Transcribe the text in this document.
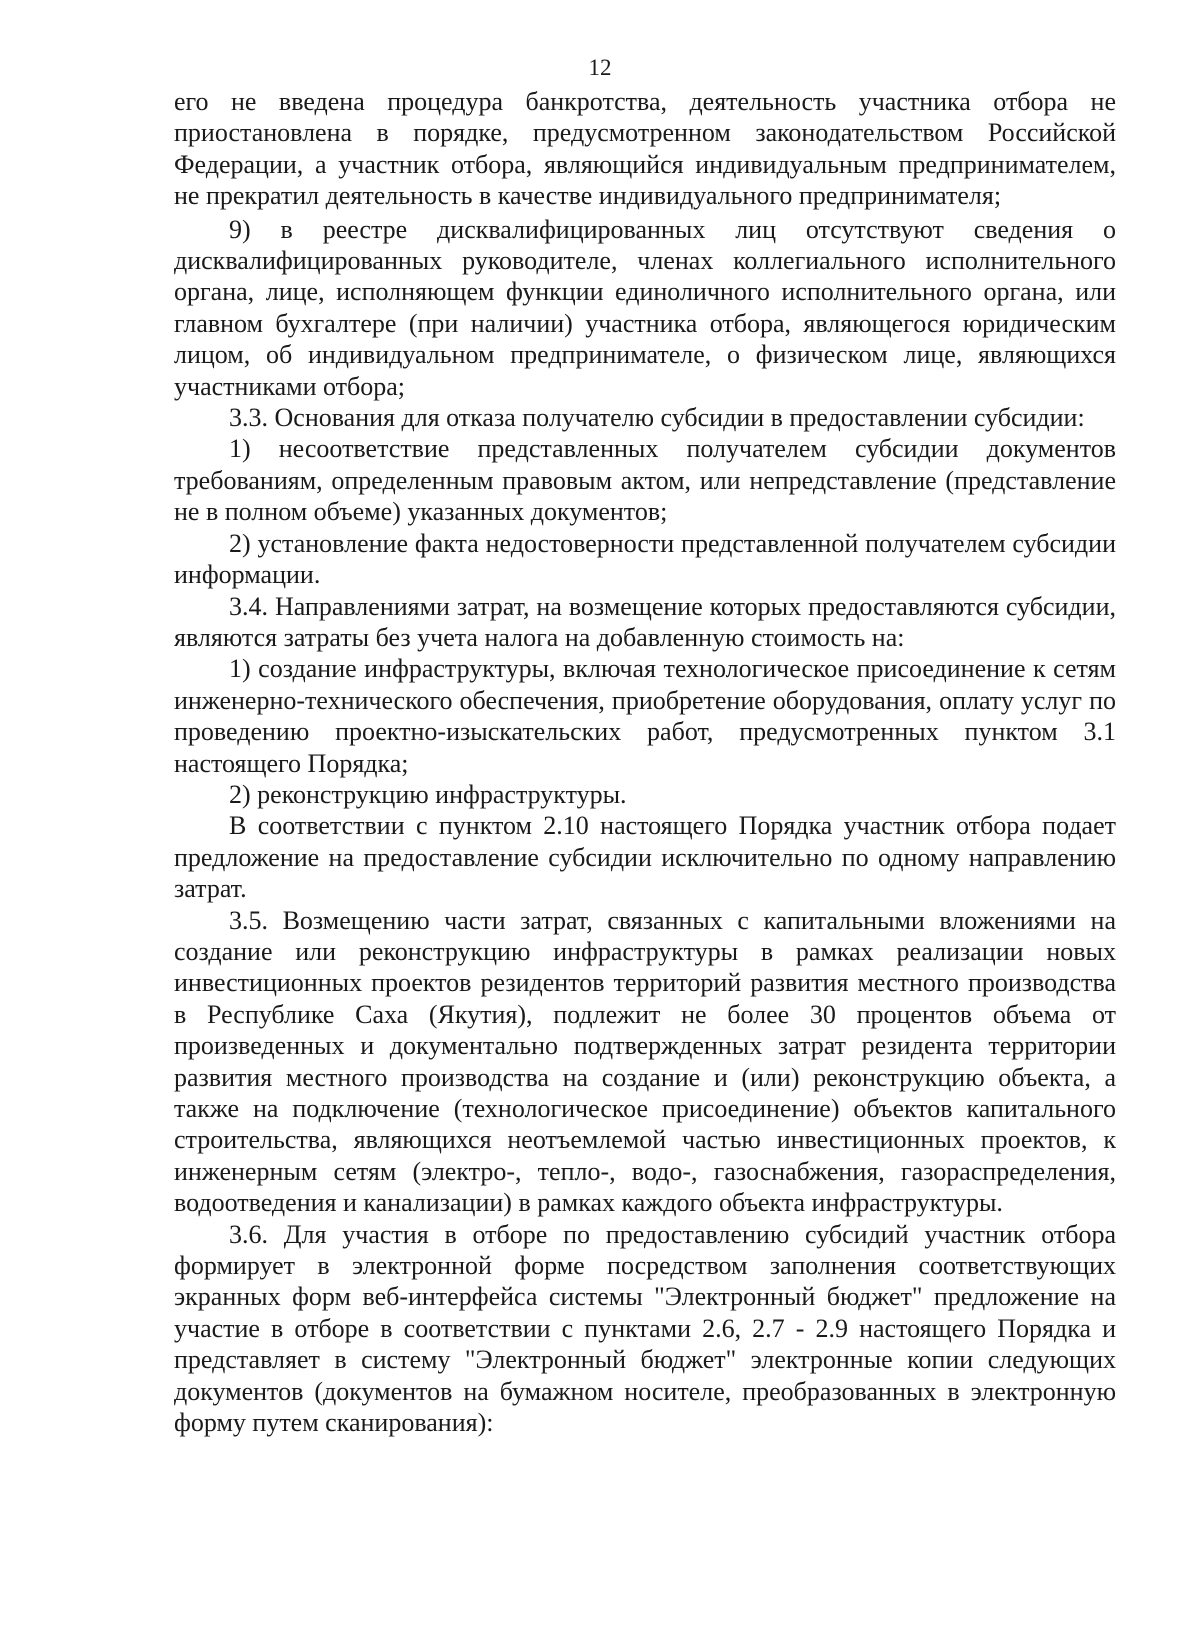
12

его не введена процедура банкротства, деятельность участника отбора не приостановлена в порядке, предусмотренном законодательством Российской Федерации, а участник отбора, являющийся индивидуальным предпринимателем, не прекратил деятельность в качестве индивидуального предпринимателя;

9) в реестре дисквалифицированных лиц отсутствуют сведения о дисквалифицированных руководителе, членах коллегиального исполнительного органа, лице, исполняющем функции единоличного исполнительного органа, или главном бухгалтере (при наличии) участника отбора, являющегося юридическим лицом, об индивидуальном предпринимателе, о физическом лице, являющихся участниками отбора;

3.3. Основания для отказа получателю субсидии в предоставлении субсидии:

1) несоответствие представленных получателем субсидии документов требованиям, определенным правовым актом, или непредставление (представление не в полном объеме) указанных документов;

2) установление факта недостоверности представленной получателем субсидии информации.

3.4. Направлениями затрат, на возмещение которых предоставляются субсидии, являются затраты без учета налога на добавленную стоимость на:

1) создание инфраструктуры, включая технологическое присоединение к сетям инженерно-технического обеспечения, приобретение оборудования, оплату услуг по проведению проектно-изыскательских работ, предусмотренных пунктом 3.1 настоящего Порядка;

2) реконструкцию инфраструктуры.

В соответствии с пунктом 2.10 настоящего Порядка участник отбора подает предложение на предоставление субсидии исключительно по одному направлению затрат.

3.5. Возмещению части затрат, связанных с капитальными вложениями на создание или реконструкцию инфраструктуры в рамках реализации новых инвестиционных проектов резидентов территорий развития местного производства в Республике Саха (Якутия), подлежит не более 30 процентов объема от произведенных и документально подтвержденных затрат резидента территории развития местного производства на создание и (или) реконструкцию объекта, а также на подключение (технологическое присоединение) объектов капитального строительства, являющихся неотъемлемой частью инвестиционных проектов, к инженерным сетям (электро-, тепло-, водо-, газоснабжения, газораспределения, водоотведения и канализации) в рамках каждого объекта инфраструктуры.

3.6. Для участия в отборе по предоставлению субсидий участник отбора формирует в электронной форме посредством заполнения соответствующих экранных форм веб-интерфейса системы "Электронный бюджет" предложение на участие в отборе в соответствии с пунктами 2.6, 2.7 - 2.9 настоящего Порядка и представляет в систему "Электронный бюджет" электронные копии следующих документов (документов на бумажном носителе, преобразованных в электронную форму путем сканирования):
